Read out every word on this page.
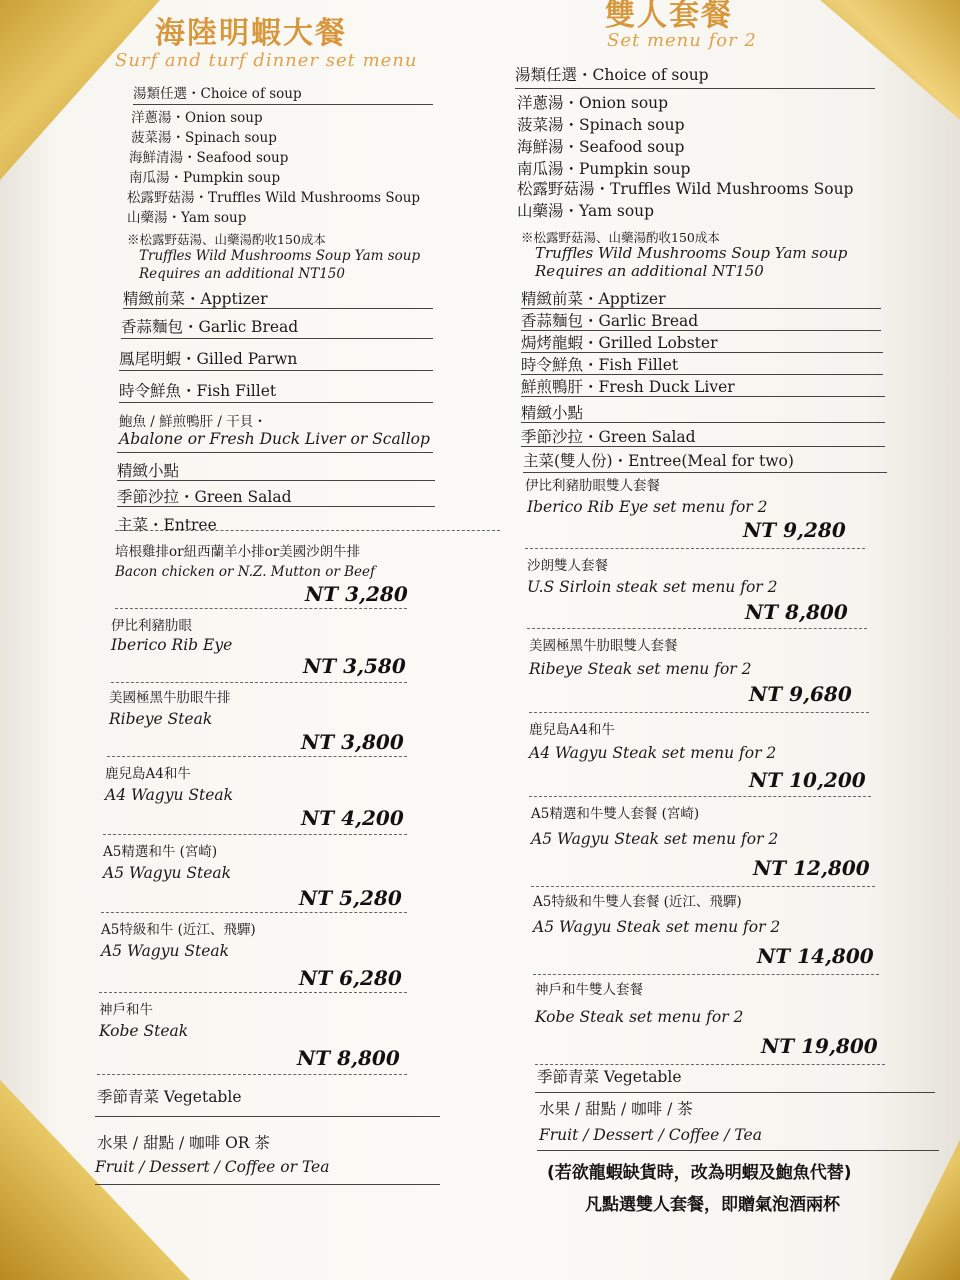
海陸明蝦大餐
Surf and turf dinner set menu
湯類任選・Choice of soup
洋蔥湯・Onion soup
菠菜湯・Spinach soup
海鮮清湯・Seafood soup
南瓜湯・Pumpkin soup
松露野菇湯・Truffles Wild Mushrooms Soup
山藥湯・Yam soup
※松露野菇湯、山藥湯酌收150成本
Truffles Wild Mushrooms Soup Yam soup
Requires an additional NT150
精緻前菜・Apptizer
香蒜麵包・Garlic Bread
鳳尾明蝦・Gilled Parwn
時令鮮魚・Fish Fillet
鮑魚 / 鮮煎鴨肝 / 干貝・
Abalone or Fresh Duck Liver or Scallop
精緻小點
季節沙拉・Green Salad
主菜・Entree
培根雞排or紐西蘭羊小排or美國沙朗牛排
Bacon chicken or N.Z. Mutton or Beef
NT 3,280
伊比利豬肋眼
Iberico Rib Eye
NT 3,580
美國極黑牛肋眼牛排
Ribeye Steak
NT 3,800
鹿兒島A4和牛
A4 Wagyu Steak
NT 4,200
A5精選和牛 (宮崎)
A5 Wagyu Steak
NT 5,280
A5特級和牛 (近江、飛驒)
A5 Wagyu Steak
NT 6,280
神戶和牛
Kobe Steak
NT 8,800
季節青菜 Vegetable
水果 / 甜點 / 咖啡 OR 茶
Fruit / Dessert / Coffee or Tea
雙人套餐
Set menu for 2
湯類任選・Choice of soup
洋蔥湯・Onion soup
菠菜湯・Spinach soup
海鮮湯・Seafood soup
南瓜湯・Pumpkin soup
松露野菇湯・Truffles Wild Mushrooms Soup
山藥湯・Yam soup
※松露野菇湯、山藥湯酌收150成本
Truffles Wild Mushrooms Soup Yam soup
Requires an additional NT150
精緻前菜・Apptizer
香蒜麵包・Garlic Bread
焗烤龍蝦・Grilled Lobster
時令鮮魚・Fish Fillet
鮮煎鴨肝・Fresh Duck Liver
精緻小點
季節沙拉・Green Salad
主菜(雙人份)・Entree(Meal for two)
伊比利豬肋眼雙人套餐
Iberico Rib Eye set menu for 2
NT 9,280
沙朗雙人套餐
U.S Sirloin steak set menu for 2
NT 8,800
美國極黑牛肋眼雙人套餐
Ribeye Steak set menu for 2
NT 9,680
鹿兒島A4和牛
A4 Wagyu Steak set menu for 2
NT 10,200
A5精選和牛雙人套餐 (宮崎)
A5 Wagyu Steak set menu for 2
NT 12,800
A5特級和牛雙人套餐 (近江、飛驒)
A5 Wagyu Steak set menu for 2
NT 14,800
神戶和牛雙人套餐
Kobe Steak set menu for 2
NT 19,800
季節青菜 Vegetable
水果 / 甜點 / 咖啡 / 茶
Fruit / Dessert / Coffee / Tea
(若欲龍蝦缺貨時，改為明蝦及鮑魚代替)
凡點選雙人套餐，即贈氣泡酒兩杯
